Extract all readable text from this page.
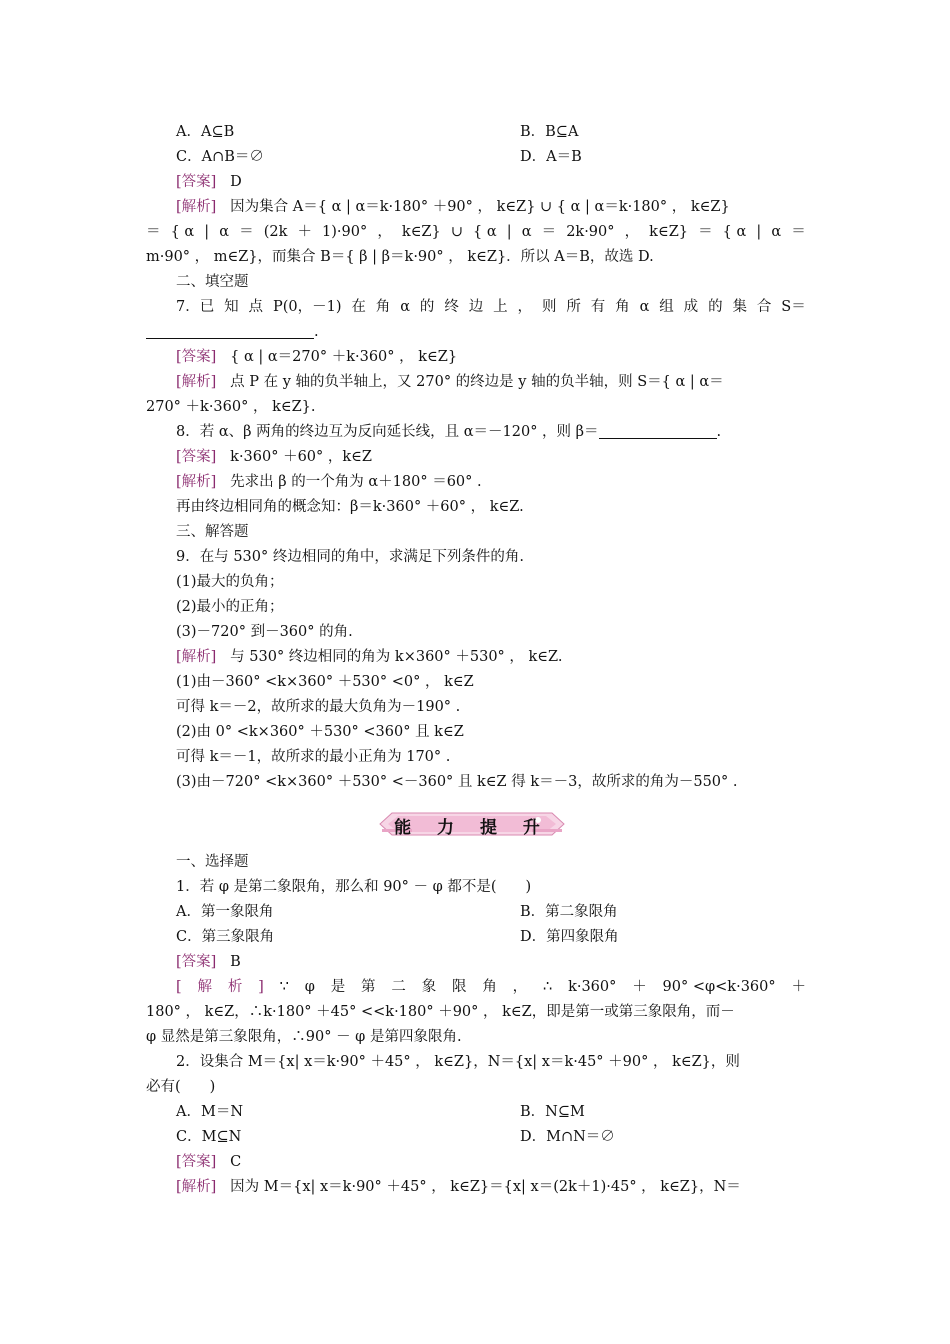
A．A⊆B	B．B⊆A
C．A∩B＝∅	D．A＝B
[答案] D
[解析] 因为集合 A＝{ α | α＝k·180° ＋90° ， k∈Z} ∪ { α | α＝k·180° ， k∈Z}
＝ { α | α ＝ (2k ＋ 1)·90° ， k∈Z} ∪ { α | α ＝ 2k·90° ， k∈Z} ＝ { α | α ＝
m·90° ， m∈Z}，而集合 B＝{ β | β＝k·90° ， k∈Z}．所以 A＝B，故选 D.
二、填空题
7．已 知 点 P(0，－1) 在 角 α 的 终 边 上 ， 则 所 有 角 α 组 成 的 集 合 S＝
.
[答案] { α | α＝270° ＋k·360° ， k∈Z}
[解析] 点 P 在 y 轴的负半轴上，又 270° 的终边是 y 轴的负半轴，则 S＝{ α | α＝
270° ＋k·360° ， k∈Z}.
8．若 α、β 两角的终边互为反向延长线，且 α＝－120° ，则 β＝	.
[答案] k·360° ＋60° ，k∈Z
[解析] 先求出 β 的一个角为 α＋180° ＝60° .
再由终边相同角的概念知：β＝k·360° ＋60° ， k∈Z.
三、解答题
9．在与 530° 终边相同的角中，求满足下列条件的角.
(1)最大的负角；
(2)最小的正角；
(3)－720° 到－360° 的角.
[解析] 与 530° 终边相同的角为 k×360° ＋530° ， k∈Z.
(1)由－360° <k×360° ＋530° <0° ， k∈Z
可得 k＝－2，故所求的最大负角为－190° .
(2)由 0° <k×360° ＋530° <360° 且 k∈Z
可得 k＝－1，故所求的最小正角为 170° .
(3)由－720° <k×360° ＋530° <－360° 且 k∈Z 得 k＝－3，故所求的角为－550° .
一、选择题
1．若 φ 是第二象限角，那么和 90° － φ 都不是(　　)
A．第一象限角	B．第二象限角
C．第三象限角	D．第四象限角
[答案] B
[ 解 析 ] ∵ φ 是 第 二 象 限 角 ， ∴ k·360° ＋ 90° <φ<k·360° ＋
180° ， k∈Z，∴k·180° ＋45° <<k·180° ＋90° ， k∈Z，即是第一或第三象限角，而－
φ 显然是第三象限角，∴90° － φ 是第四象限角.
2．设集合 M＝{x| x＝k·90° ＋45° ， k∈Z}，N＝{x| x＝k·45° ＋90° ， k∈Z}，则
必有(　　)
A．M＝N	B．N⊆M
C．M⊆N	D．M∩N＝∅
[答案] C
[解析] 因为 M＝{x| x＝k·90° ＋45° ， k∈Z}＝{x| x＝(2k＋1)·45° ， k∈Z}，N＝
能 力 提 升
